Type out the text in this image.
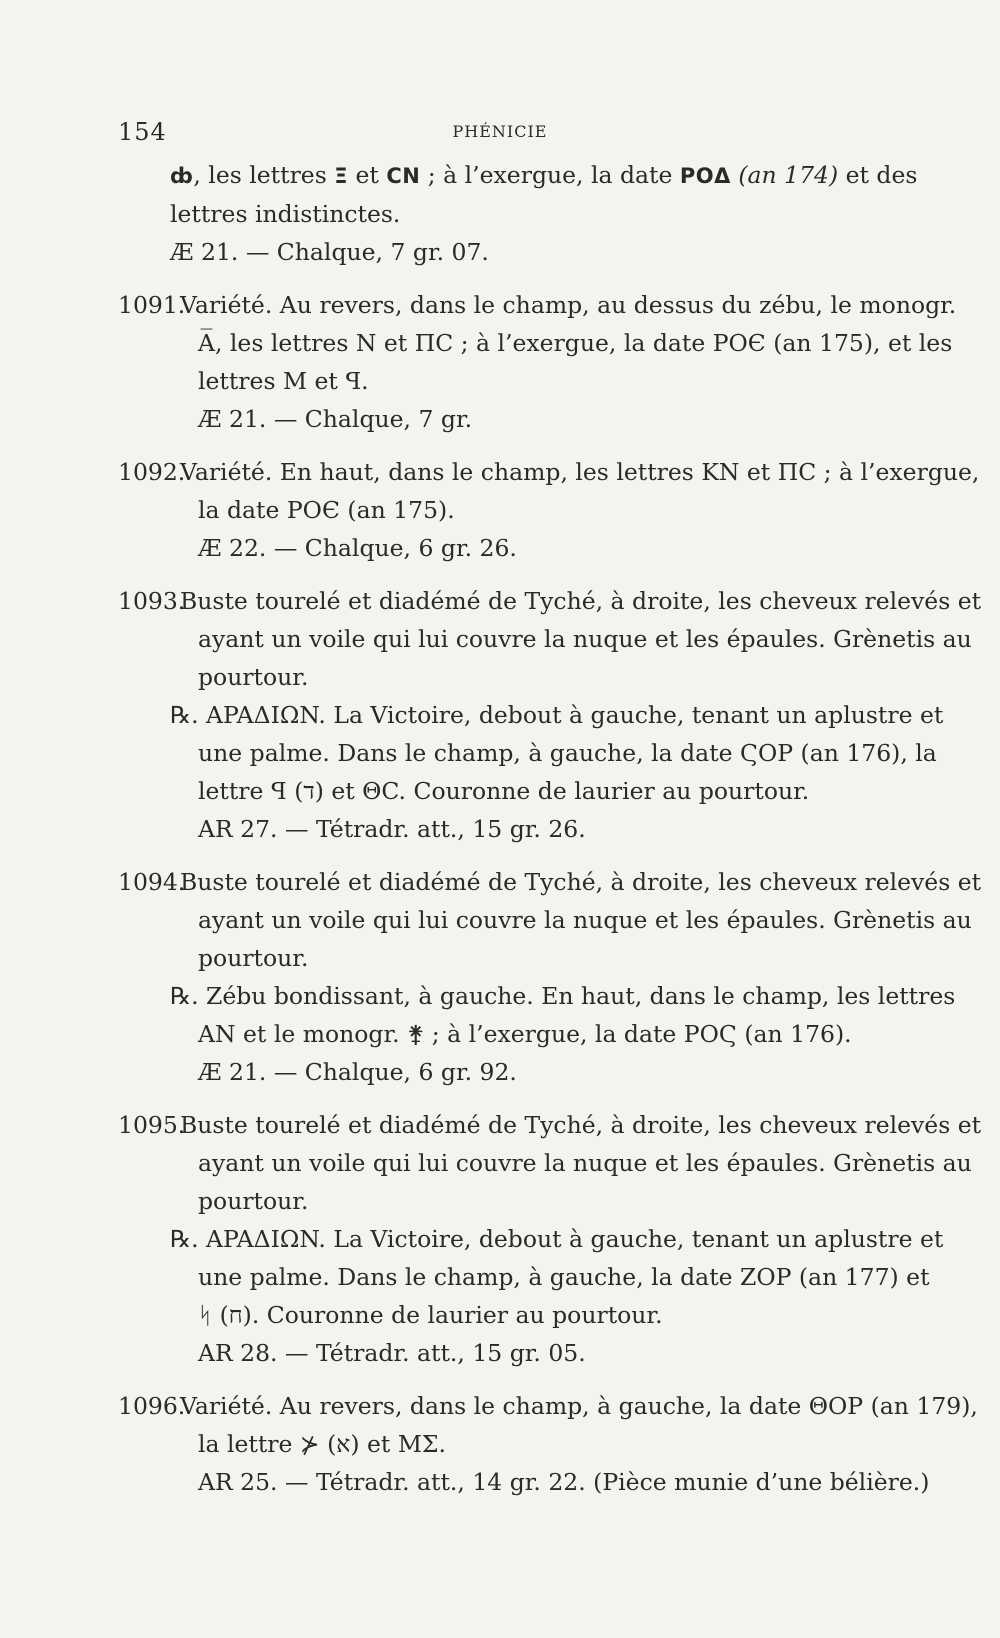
154	PHÉNICIE
ȸ, les lettres Ξ et CN ; à l’exergue, la date POΔ (an 174) et des
lettres indistinctes.
Æ 21. — Chalque, 7 gr. 07.
1091.
Variété. Au revers, dans le champ, au dessus du zébu, le monogr.
A̅, les lettres N et ΠC ; à l’exergue, la date POЄ (an 175), et les
lettres M et ꟼ.
Æ 21. — Chalque, 7 gr.
1092.
Variété. En haut, dans le champ, les lettres KN et ΠC ; à l’exergue,
la date POЄ (an 175).
Æ 22. — Chalque, 6 gr. 26.
1093.
Buste tourelé et diadémé de Tyché, à droite, les cheveux relevés et
ayant un voile qui lui couvre la nuque et les épaules. Grènetis au
pourtour.
℞. APAΔIΩN. La Victoire, debout à gauche, tenant un aplustre et
une palme. Dans le champ, à gauche, la date ϚOP (an 176), la
lettre ꟼ (ד) et ΘC. Couronne de laurier au pourtour.
AR 27. — Tétradr. att., 15 gr. 26.
1094.
Buste tourelé et diadémé de Tyché, à droite, les cheveux relevés et
ayant un voile qui lui couvre la nuque et les épaules. Grènetis au
pourtour.
℞. Zébu bondissant, à gauche. En haut, dans le champ, les lettres
AN et le monogr. ⚵ ; à l’exergue, la date POϚ (an 176).
Æ 21. — Chalque, 6 gr. 92.
1095.
Buste tourelé et diadémé de Tyché, à droite, les cheveux relevés et
ayant un voile qui lui couvre la nuque et les épaules. Grènetis au
pourtour.
℞. APAΔIΩN. La Victoire, debout à gauche, tenant un aplustre et
une palme. Dans le champ, à gauche, la date ZOP (an 177) et
ᛋ (ח). Couronne de laurier au pourtour.
AR 28. — Tétradr. att., 15 gr. 05.
1096.
Variété. Au revers, dans le champ, à gauche, la date ΘOP (an 179),
la lettre ⊁ (א) et MΣ.
AR 25. — Tétradr. att., 14 gr. 22. (Pièce munie d’une bélière.)
